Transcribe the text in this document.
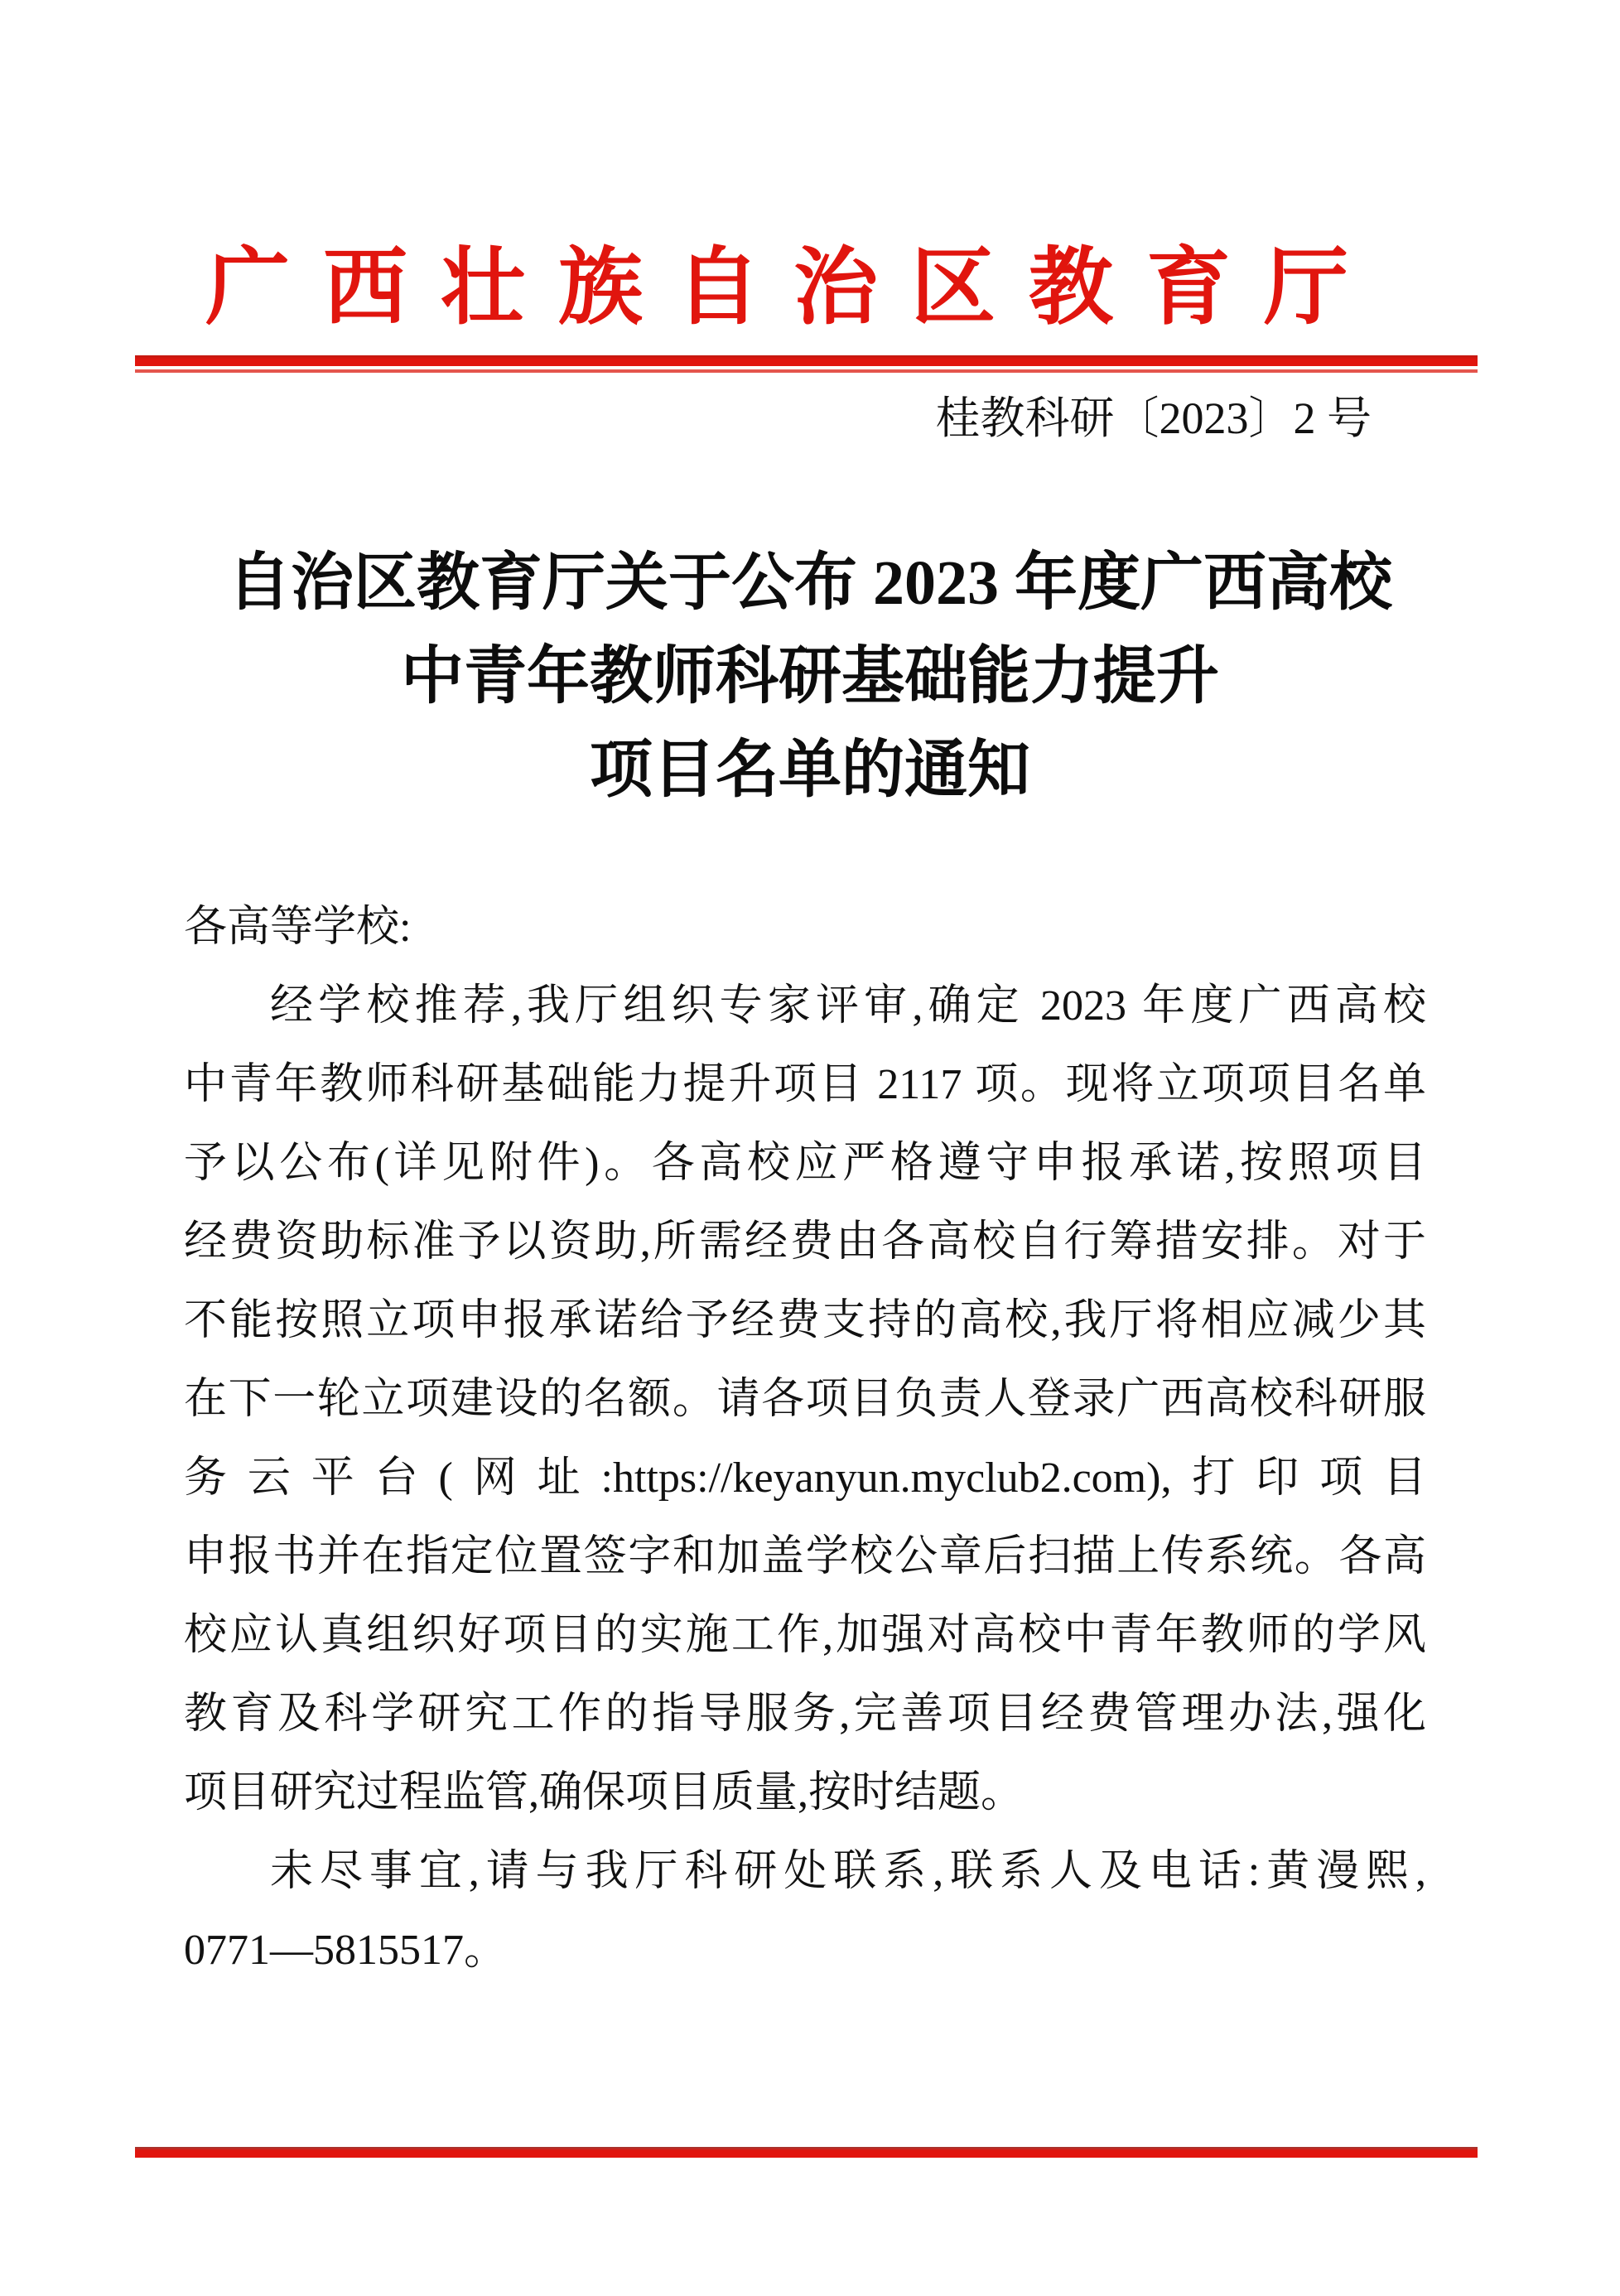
广西壮族自治区教育厅
桂教科研〔2023〕2 号
自治区教育厅关于公布 2023 年度广西高校
中青年教师科研基础能力提升
项目名单的通知
各高等学校:
经学校推荐,我厅组织专家评审,确定 2023 年度广西高校
中青年教师科研基础能力提升项目 2117 项。现将立项项目名单
予以公布(详见附件)。各高校应严格遵守申报承诺,按照项目
经费资助标准予以资助,所需经费由各高校自行筹措安排。对于
不能按照立项申报承诺给予经费支持的高校,我厅将相应减少其
在下一轮立项建设的名额。请各项目负责人登录广西高校科研服
务云平台(网址:https://keyanyun.myclub2.com),打印项目
申报书并在指定位置签字和加盖学校公章后扫描上传系统。各高
校应认真组织好项目的实施工作,加强对高校中青年教师的学风
教育及科学研究工作的指导服务,完善项目经费管理办法,强化
项目研究过程监管,确保项目质量,按时结题。
未尽事宜,请与我厅科研处联系,联系人及电话:黄漫熙,
0771—5815517。
